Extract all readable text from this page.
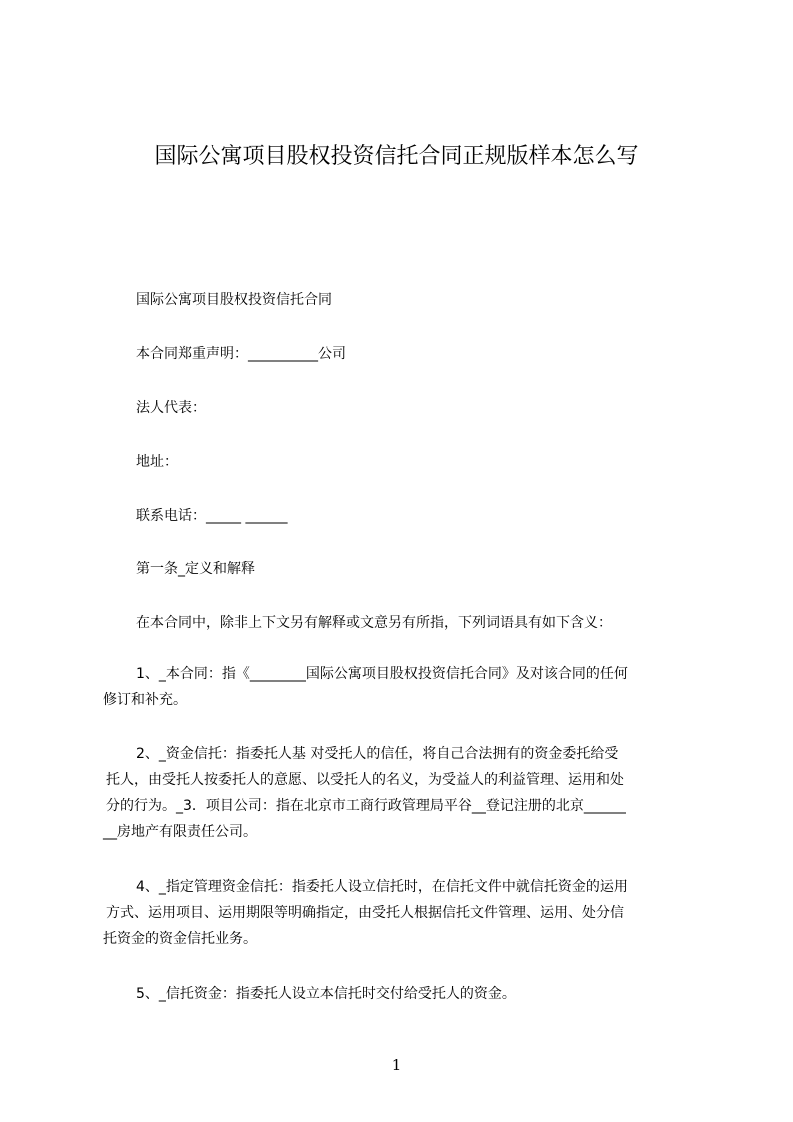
国际公寓项目股权投资信托合同正规版样本怎么写
国际公寓项目股权投资信托合同
本合同郑重声明：__________公司
法人代表：
地址：
联系电话：_____ ______
第一条_定义和解释
在本合同中，除非上下文另有解释或文意另有所指，下列词语具有如下含义：
1、_本合同：指《________国际公寓项目股权投资信托合同》及对该合同的任何
修订和补充。
2、_资金信托：指委托人基 对受托人的信任，将自己合法拥有的资金委托给受
托人，由受托人按委托人的意愿、以受托人的名义，为受益人的利益管理、运用和处
分的行为。_3．项目公司：指在北京市工商行政管理局平谷__登记注册的北京______
__房地产有限责任公司。
4、_指定管理资金信托：指委托人设立信托时，在信托文件中就信托资金的运用
方式、运用项目、运用期限等明确指定，由受托人根据信托文件管理、运用、处分信
托资金的资金信托业务。
5、_信托资金：指委托人设立本信托时交付给受托人的资金。
1
